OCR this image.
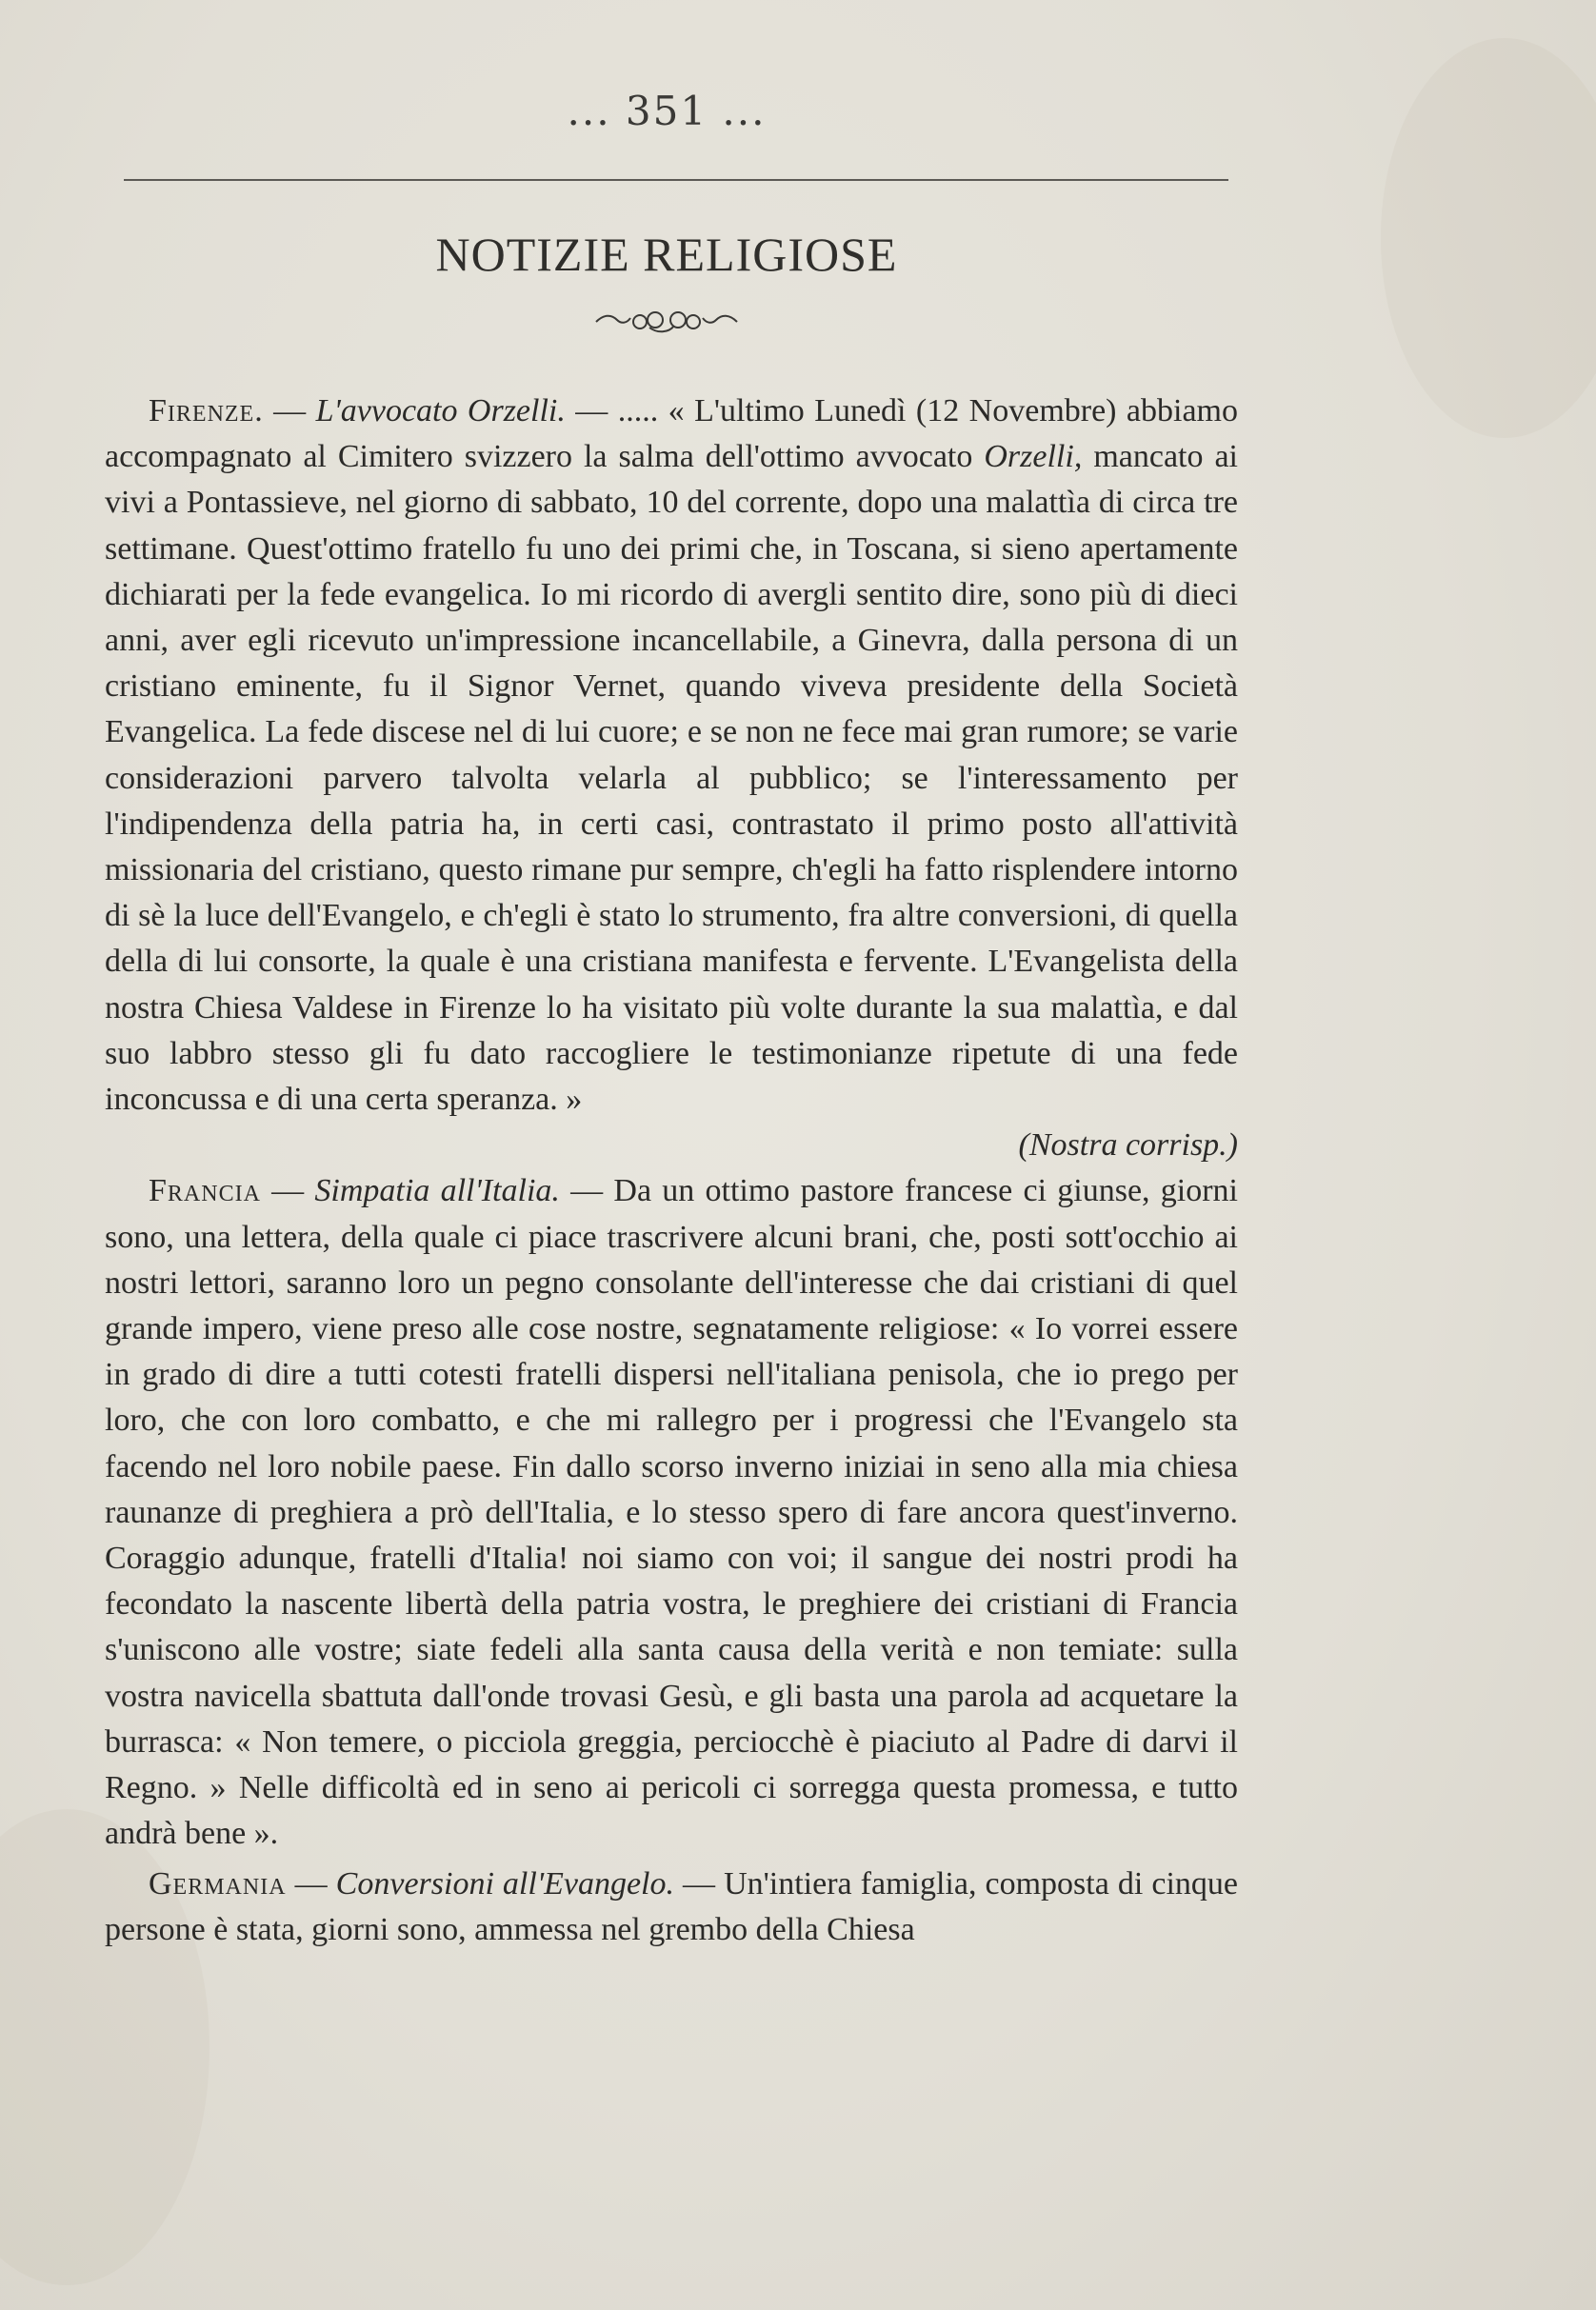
... 351 ...
NOTIZIE RELIGIOSE

Firenze. — L'avvocato Orzelli. — ..... « L'ultimo Lunedì (12 Novembre) abbiamo accompagnato al Cimitero svizzero la salma dell'ottimo avvocato Orzelli, mancato ai vivi a Pontassieve, nel giorno di sabbato, 10 del corrente, dopo una malattìa di circa tre settimane. Quest'ottimo fratello fu uno dei primi che, in Toscana, si sieno apertamente dichiarati per la fede evangelica. Io mi ricordo di avergli sentito dire, sono più di dieci anni, aver egli ricevuto un'impressione incancellabile, a Ginevra, dalla persona di un cristiano eminente, fu il Signor Vernet, quando viveva presidente della Società Evangelica. La fede discese nel di lui cuore; e se non ne fece mai gran rumore; se varie considerazioni parvero talvolta velarla al pubblico; se l'interessamento per l'indipendenza della patria ha, in certi casi, contrastato il primo posto all'attività missionaria del cristiano, questo rimane pur sempre, ch'egli ha fatto risplendere intorno di sè la luce dell'Evangelo, e ch'egli è stato lo strumento, fra altre conversioni, di quella della di lui consorte, la quale è una cristiana manifesta e fervente. L'Evangelista della nostra Chiesa Valdese in Firenze lo ha visitato più volte durante la sua malattìa, e dal suo labbro stesso gli fu dato raccogliere le testimonianze ripetute di una fede inconcussa e di una certa speranza. »

(Nostra corrisp.)

Francia — Simpatia all'Italia. — Da un ottimo pastore francese ci giunse, giorni sono, una lettera, della quale ci piace trascrivere alcuni brani, che, posti sott'occhio ai nostri lettori, saranno loro un pegno consolante dell'interesse che dai cristiani di quel grande impero, viene preso alle cose nostre, segnatamente religiose: « Io vorrei essere in grado di dire a tutti cotesti fratelli dispersi nell'italiana penisola, che io prego per loro, che con loro combatto, e che mi rallegro per i progressi che l'Evangelo sta facendo nel loro nobile paese. Fin dallo scorso inverno iniziai in seno alla mia chiesa raunanze di preghiera a prò dell'Italia, e lo stesso spero di fare ancora quest'inverno. Coraggio adunque, fratelli d'Italia! noi siamo con voi; il sangue dei nostri prodi ha fecondato la nascente libertà della patria vostra, le preghiere dei cristiani di Francia s'uniscono alle vostre; siate fedeli alla santa causa della verità e non temiate: sulla vostra navicella sbattuta dall'onde trovasi Gesù, e gli basta una parola ad acquetare la burrasca: « Non temere, o picciola greggia, perciocchè è piaciuto al Padre di darvi il Regno. » Nelle difficoltà ed in seno ai pericoli ci sorregga questa promessa, e tutto andrà bene ».

Germania — Conversioni all'Evangelo. — Un'intiera famiglia, composta di cinque persone è stata, giorni sono, ammessa nel grembo della Chiesa
